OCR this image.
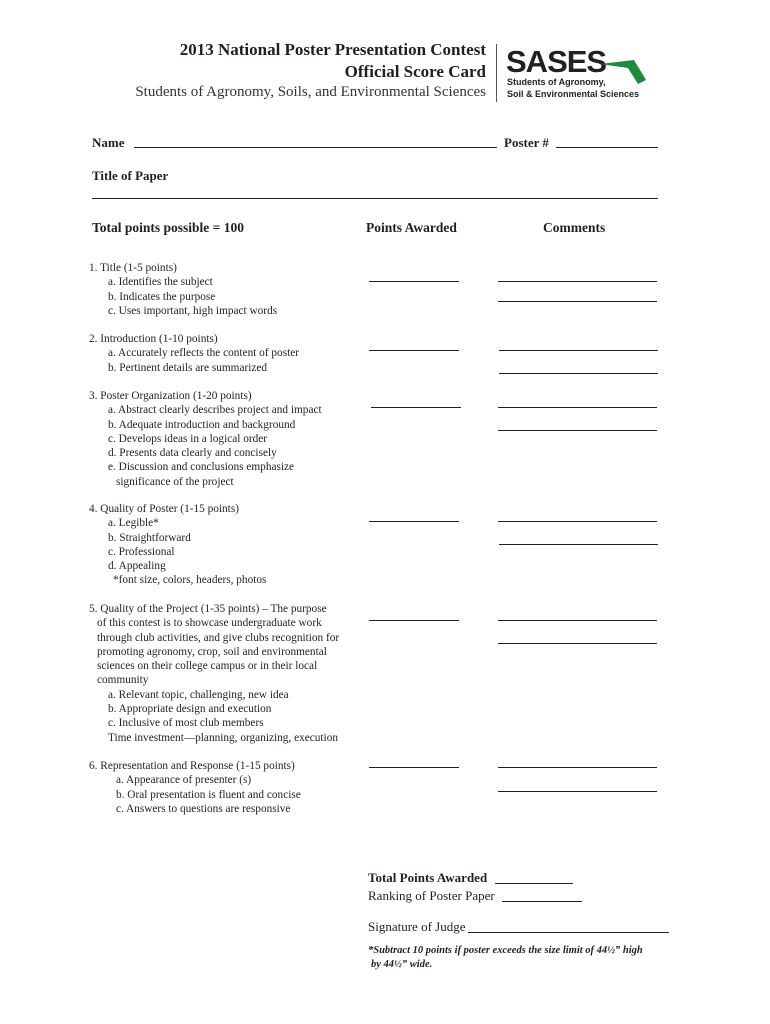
2013 National Poster Presentation Contest
Official Score Card
Students of Agronomy, Soils, and Environmental Sciences
SASES
Students of Agronomy,
Soil & Environmental Sciences
Name	Poster #
Title of Paper
Total points possible = 100	Points Awarded	Comments
1. Title (1-5 points)
a. Identifies the subject
b. Indicates the purpose
c. Uses important, high impact words
2. Introduction (1-10 points)
a. Accurately reflects the content of poster
b. Pertinent details are summarized
3. Poster Organization (1-20 points)
a. Abstract clearly describes project and impact
b. Adequate introduction and background
c. Develops ideas in a logical order
d. Presents data clearly and concisely
e. Discussion and conclusions emphasize
significance of the project
4. Quality of Poster (1-15 points)
a. Legible*
b. Straightforward
c. Professional
d. Appealing
*font size, colors, headers, photos
5. Quality of the Project (1-35 points) – The purpose
of this contest is to showcase undergraduate work
through club activities, and give clubs recognition for
promoting agronomy, crop, soil and environmental
sciences on their college campus or in their local
community
a. Relevant topic, challenging, new idea
b. Appropriate design and execution
c. Inclusive of most club members
Time investment—planning, organizing, execution
6. Representation and Response (1-15 points)
a. Appearance of presenter (s)
b. Oral presentation is fluent and concise
c. Answers to questions are responsive
Total Points Awarded
Ranking of Poster Paper
Signature of Judge
*Subtract 10 points if poster exceeds the size limit of 44½” high
by 44½” wide.
